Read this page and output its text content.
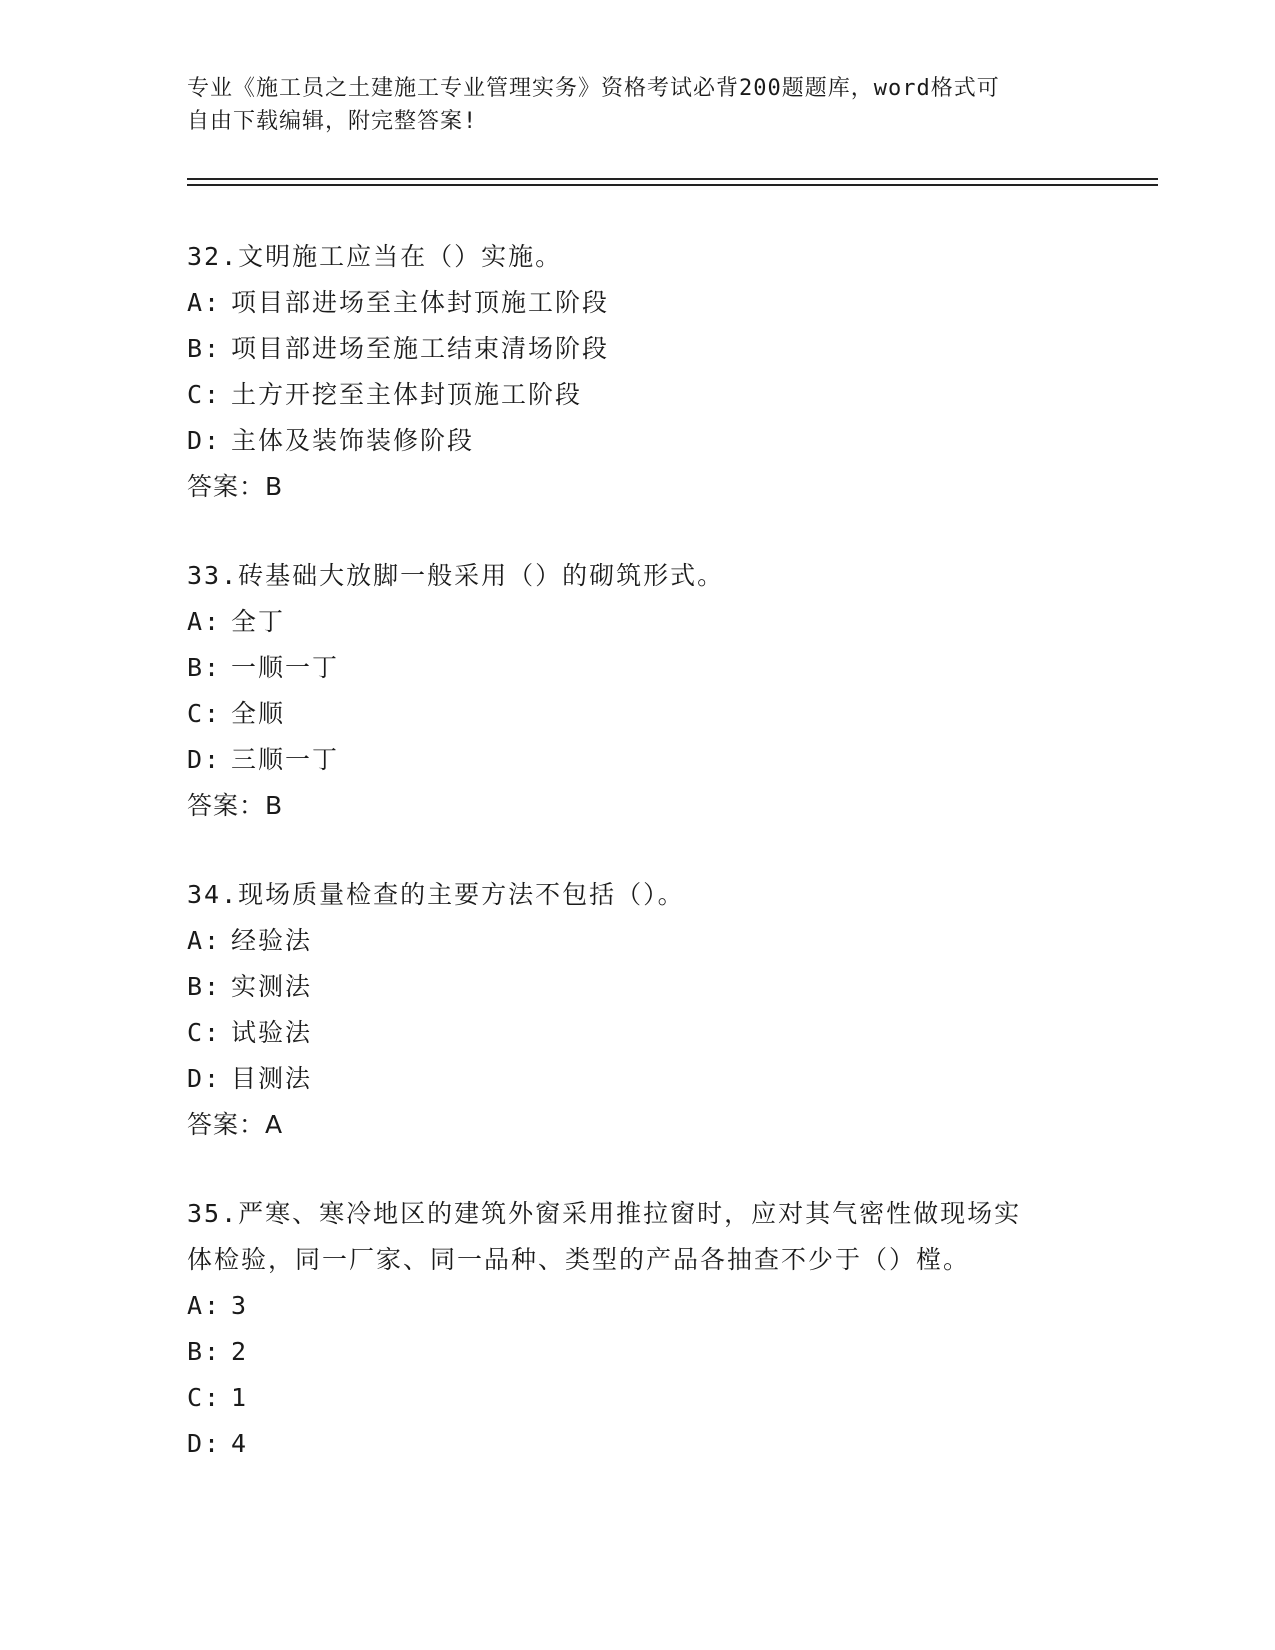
专业《施工员之土建施工专业管理实务》资格考试必背200题题库，word格式可
自由下载编辑，附完整答案!
32.文明施工应当在（）实施。
A: 项目部进场至主体封顶施工阶段
B: 项目部进场至施工结束清场阶段
C: 土方开挖至主体封顶施工阶段
D: 主体及装饰装修阶段
答案：B
33.砖基础大放脚一般采用（）的砌筑形式。
A: 全丁
B: 一顺一丁
C: 全顺
D: 三顺一丁
答案：B
34.现场质量检查的主要方法不包括（）。
A: 经验法
B: 实测法
C: 试验法
D: 目测法
答案：A
35.严寒、寒冷地区的建筑外窗采用推拉窗时，应对其气密性做现场实
体检验，同一厂家、同一品种、类型的产品各抽查不少于（）樘。
A: 3
B: 2
C: 1
D: 4
